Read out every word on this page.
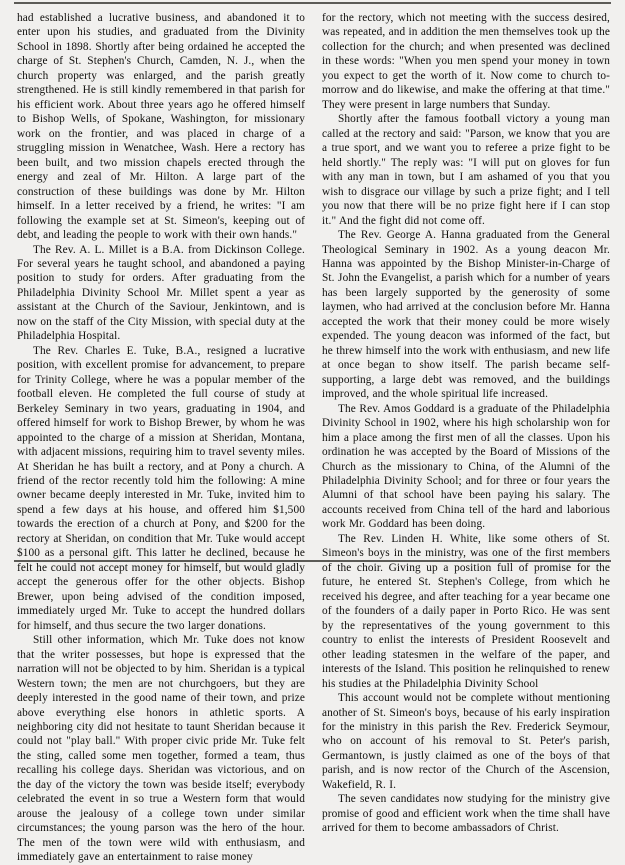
had established a lucrative business, and abandoned it to enter upon his studies, and graduated from the Divinity School in 1898. Shortly after being ordained he accepted the charge of St. Stephen's Church, Camden, N. J., when the church property was enlarged, and the parish greatly strengthened. He is still kindly remembered in that parish for his efficient work. About three years ago he offered himself to Bishop Wells, of Spokane, Washington, for missionary work on the frontier, and was placed in charge of a struggling mission in Wenatchee, Wash. Here a rectory has been built, and two mission chapels erected through the energy and zeal of Mr. Hilton. A large part of the construction of these buildings was done by Mr. Hilton himself. In a letter received by a friend, he writes: "I am following the example set at St. Simeon's, keeping out of debt, and leading the people to work with their own hands."

The Rev. A. L. Millet is a B.A. from Dickinson College. For several years he taught school, and abandoned a paying position to study for orders. After graduating from the Philadelphia Divinity School Mr. Millet spent a year as assistant at the Church of the Saviour, Jenkintown, and is now on the staff of the City Mission, with special duty at the Philadelphia Hospital.

The Rev. Charles E. Tuke, B.A., resigned a lucrative position, with excellent promise for advancement, to prepare for Trinity College, where he was a popular member of the football eleven. He completed the full course of study at Berkeley Seminary in two years, graduating in 1904, and offered himself for work to Bishop Brewer, by whom he was appointed to the charge of a mission at Sheridan, Montana, with adjacent missions, requiring him to travel seventy miles. At Sheridan he has built a rectory, and at Pony a church. A friend of the rector recently told him the following: A mine owner became deeply interested in Mr. Tuke, invited him to spend a few days at his house, and offered him $1,500 towards the erection of a church at Pony, and $200 for the rectory at Sheridan, on condition that Mr. Tuke would accept $100 as a personal gift. This latter he declined, because he felt he could not accept money for himself, but would gladly accept the generous offer for the other objects. Bishop Brewer, upon being advised of the condition imposed, immediately urged Mr. Tuke to accept the hundred dollars for himself, and thus secure the two larger donations.

Still other information, which Mr. Tuke does not know that the writer possesses, but hope is expressed that the narration will not be objected to by him. Sheridan is a typical Western town; the men are not churchgoers, but they are deeply interested in the good name of their town, and prize above everything else honors in athletic sports. A neighboring city did not hesitate to taunt Sheridan because it could not "play ball." With proper civic pride Mr. Tuke felt the sting, called some men together, formed a team, thus recalling his college days. Sheridan was victorious, and on the day of the victory the town was beside itself; everybody celebrated the event in so true a Western form that would arouse the jealousy of a college town under similar circumstances; the young parson was the hero of the hour. The men of the town were wild with enthusiasm, and immediately gave an entertainment to raise money

for the rectory, which not meeting with the success desired, was repeated, and in addition the men themselves took up the collection for the church; and when presented was declined in these words: "When you men spend your money in town you expect to get the worth of it. Now come to church to-morrow and do likewise, and make the offering at that time." They were present in large numbers that Sunday.

Shortly after the famous football victory a young man called at the rectory and said: "Parson, we know that you are a true sport, and we want you to referee a prize fight to be held shortly." The reply was: "I will put on gloves for fun with any man in town, but I am ashamed of you that you wish to disgrace our village by such a prize fight; and I tell you now that there will be no prize fight here if I can stop it." And the fight did not come off.

The Rev. George A. Hanna graduated from the General Theological Seminary in 1902. As a young deacon Mr. Hanna was appointed by the Bishop Minister-in-Charge of St. John the Evangelist, a parish which for a number of years has been largely supported by the generosity of some laymen, who had arrived at the conclusion before Mr. Hanna accepted the work that their money could be more wisely expended. The young deacon was informed of the fact, but he threw himself into the work with enthusiasm, and new life at once began to show itself. The parish became self-supporting, a large debt was removed, and the buildings improved, and the whole spiritual life increased.

The Rev. Amos Goddard is a graduate of the Philadelphia Divinity School in 1902, where his high scholarship won for him a place among the first men of all the classes. Upon his ordination he was accepted by the Board of Missions of the Church as the missionary to China, of the Alumni of the Philadelphia Divinity School; and for three or four years the Alumni of that school have been paying his salary. The accounts received from China tell of the hard and laborious work Mr. Goddard has been doing.

The Rev. Linden H. White, like some others of St. Simeon's boys in the ministry, was one of the first members of the choir. Giving up a position full of promise for the future, he entered St. Stephen's College, from which he received his degree, and after teaching for a year became one of the founders of a daily paper in Porto Rico. He was sent by the representatives of the young government to this country to enlist the interests of President Roosevelt and other leading statesmen in the welfare of the paper, and interests of the Island. This position he relinquished to renew his studies at the Philadelphia Divinity School

This account would not be complete without mentioning another of St. Simeon's boys, because of his early inspiration for the ministry in this parish the Rev. Frederick Seymour, who on account of his removal to St. Peter's parish, Germantown, is justly claimed as one of the boys of that parish, and is now rector of the Church of the Ascension, Wakefield, R. I.

The seven candidates now studying for the ministry give promise of good and efficient work when the time shall have arrived for them to become ambassadors of Christ.
